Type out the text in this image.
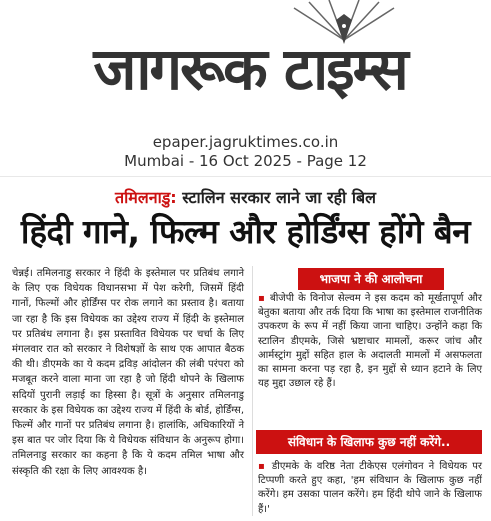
जागरूक टाइम्स
epaper.jagruktimes.co.in
Mumbai - 16 Oct 2025 - Page 12
तमिलनाडु: स्टालिन सरकार लाने जा रही बिल
हिंदी गाने, फिल्म और होर्डिंग्स होंगे बैन
चेन्नई। तमिलनाडु सरकार ने हिंदी के इस्तेमाल पर प्रतिबंध लगाने के लिए एक विधेयक विधानसभा में पेश करेगी, जिसमें हिंदी गानों, फिल्मों और होर्डिंग्स पर रोक लगाने का प्रस्ताव है। बताया जा रहा है कि इस विधेयक का उद्देश्य राज्य में हिंदी के इस्तेमाल पर प्रतिबंध लगाना है। इस प्रस्तावित विधेयक पर चर्चा के लिए मंगलवार रात को सरकार ने विशेषज्ञों के साथ एक आपात बैठक की थी। डीएमके का ये कदम द्रविड़ आंदोलन की लंबी परंपरा को मजबूत करने वाला माना जा रहा है जो हिंदी थोपने के खिलाफ सदियों पुरानी लड़ाई का हिस्सा है। सूत्रों के अनुसार तमिलनाडु सरकार के इस विधेयक का उद्देश्य राज्य में हिंदी के बोर्ड, होर्डिंग्स, फिल्में और गानों पर प्रतिबंध लगाना है। हालांकि, अधिकारियों ने इस बात पर जोर दिया कि ये विधेयक संविधान के अनुरूप होगा। तमिलनाडु सरकार का कहना है कि ये कदम तमिल भाषा और संस्कृति की रक्षा के लिए आवश्यक है।
भाजपा ने की आलोचना
▪ बीजेपी के विनोज सेल्वम ने इस कदम को मूर्खतापूर्ण और बेतुका बताया और तर्क दिया कि भाषा का इस्तेमाल राजनीतिक उपकरण के रूप में नहीं किया जाना चाहिए। उन्होंने कहा कि स्टालिन डीएमके, जिसे भ्रष्टाचार मामलों, करूर जांच और आर्मस्ट्रांग मुद्दों सहित हाल के अदालती मामलों में असफलता का सामना करना पड़ रहा है, इन मुद्दों से ध्यान हटाने के लिए यह मुद्दा उछाल रहे हैं।
संविधान के खिलाफ कुछ नहीं करेंगे..
▪ डीएमके के वरिष्ठ नेता टीकेएस एलंगोवन ने विधेयक पर टिप्पणी करते हुए कहा, 'हम संविधान के खिलाफ कुछ नहीं करेंगे। हम उसका पालन करेंगे। हम हिंदी थोपे जाने के खिलाफ हैं।'
